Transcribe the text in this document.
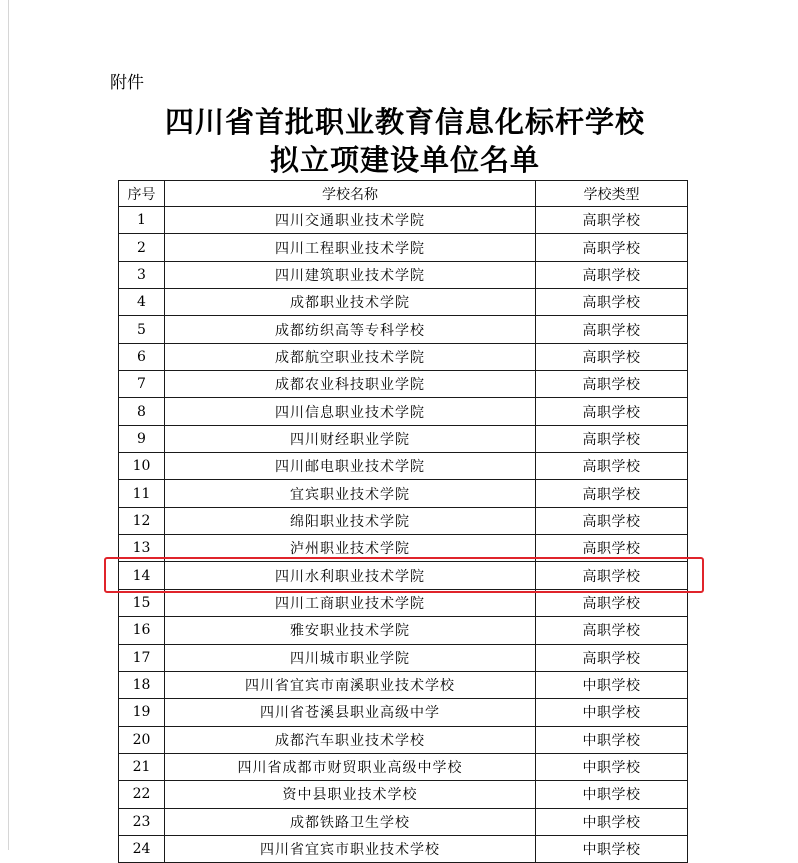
附件
四川省首批职业教育信息化标杆学校
拟立项建设单位名单
序号	学校名称	学校类型
1	四川交通职业技术学院	高职学校
2	四川工程职业技术学院	高职学校
3	四川建筑职业技术学院	高职学校
4	成都职业技术学院	高职学校
5	成都纺织高等专科学校	高职学校
6	成都航空职业技术学院	高职学校
7	成都农业科技职业学院	高职学校
8	四川信息职业技术学院	高职学校
9	四川财经职业学院	高职学校
10	四川邮电职业技术学院	高职学校
11	宜宾职业技术学院	高职学校
12	绵阳职业技术学院	高职学校
13	泸州职业技术学院	高职学校
14	四川水利职业技术学院	高职学校
15	四川工商职业技术学院	高职学校
16	雅安职业技术学院	高职学校
17	四川城市职业学院	高职学校
18	四川省宜宾市南溪职业技术学校	中职学校
19	四川省苍溪县职业高级中学	中职学校
20	成都汽车职业技术学校	中职学校
21	四川省成都市财贸职业高级中学校	中职学校
22	资中县职业技术学校	中职学校
23	成都铁路卫生学校	中职学校
24	四川省宜宾市职业技术学校	中职学校
